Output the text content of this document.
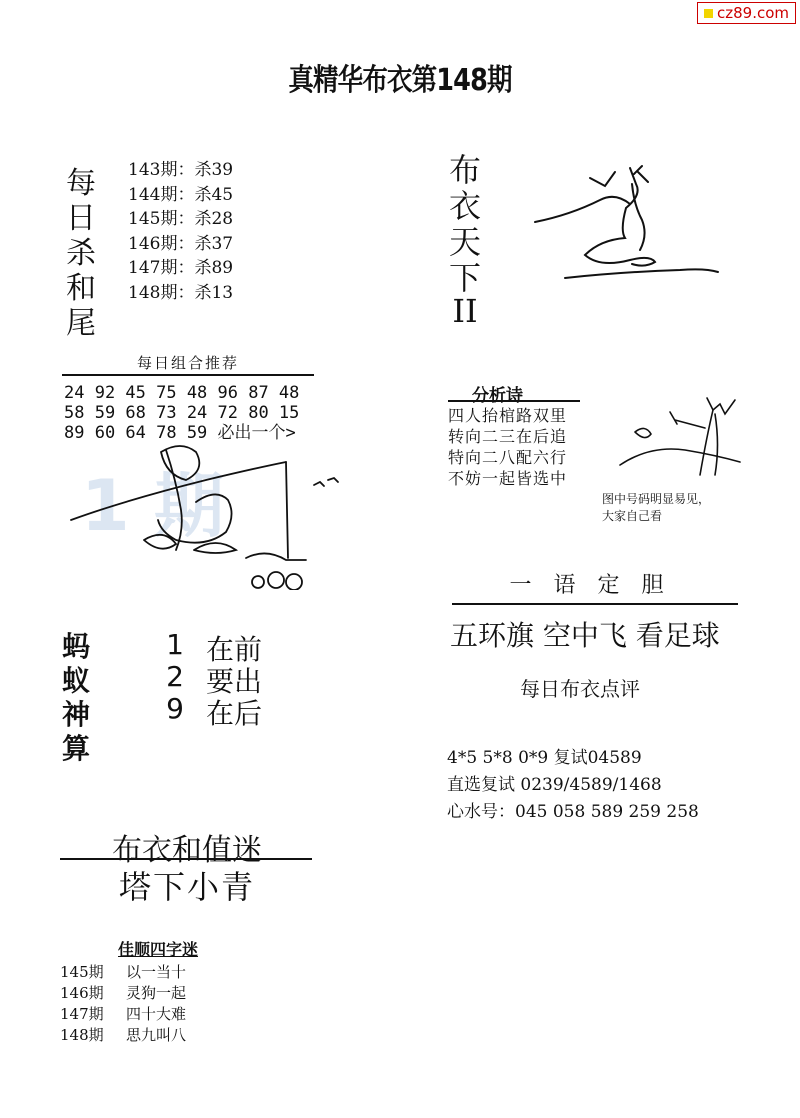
cz89.com
真精华布衣第148期
每日杀和尾
143期：杀39
144期：杀45
145期：杀28
146期：杀37
147期：杀89
148期：杀13
布衣天下
II
每日组合推荐
24 92 45 75 48 96 87 48
58 59 68 73 24 72 80 15
89 60 64 78 59 必出一个>
1 期
分析诗
四人抬棺路双里
转向二三在后追
特向二八配六行
不妨一起皆选中
图中号码明显易见，
大家自己看
一语定胆
五环旗 空中飞 看足球
蚂蚁神算
1 在前
2 要出
9 在后
每日布衣点评
4*5 5*8 0*9 复试04589
直选复试 0239/4589/1468
心水号：045 058 589 259 258
布衣和值迷
塔下小青
佳顺四字迷
145期 以一当十
146期 灵狗一起
147期 四十大难
148期 思九叫八
